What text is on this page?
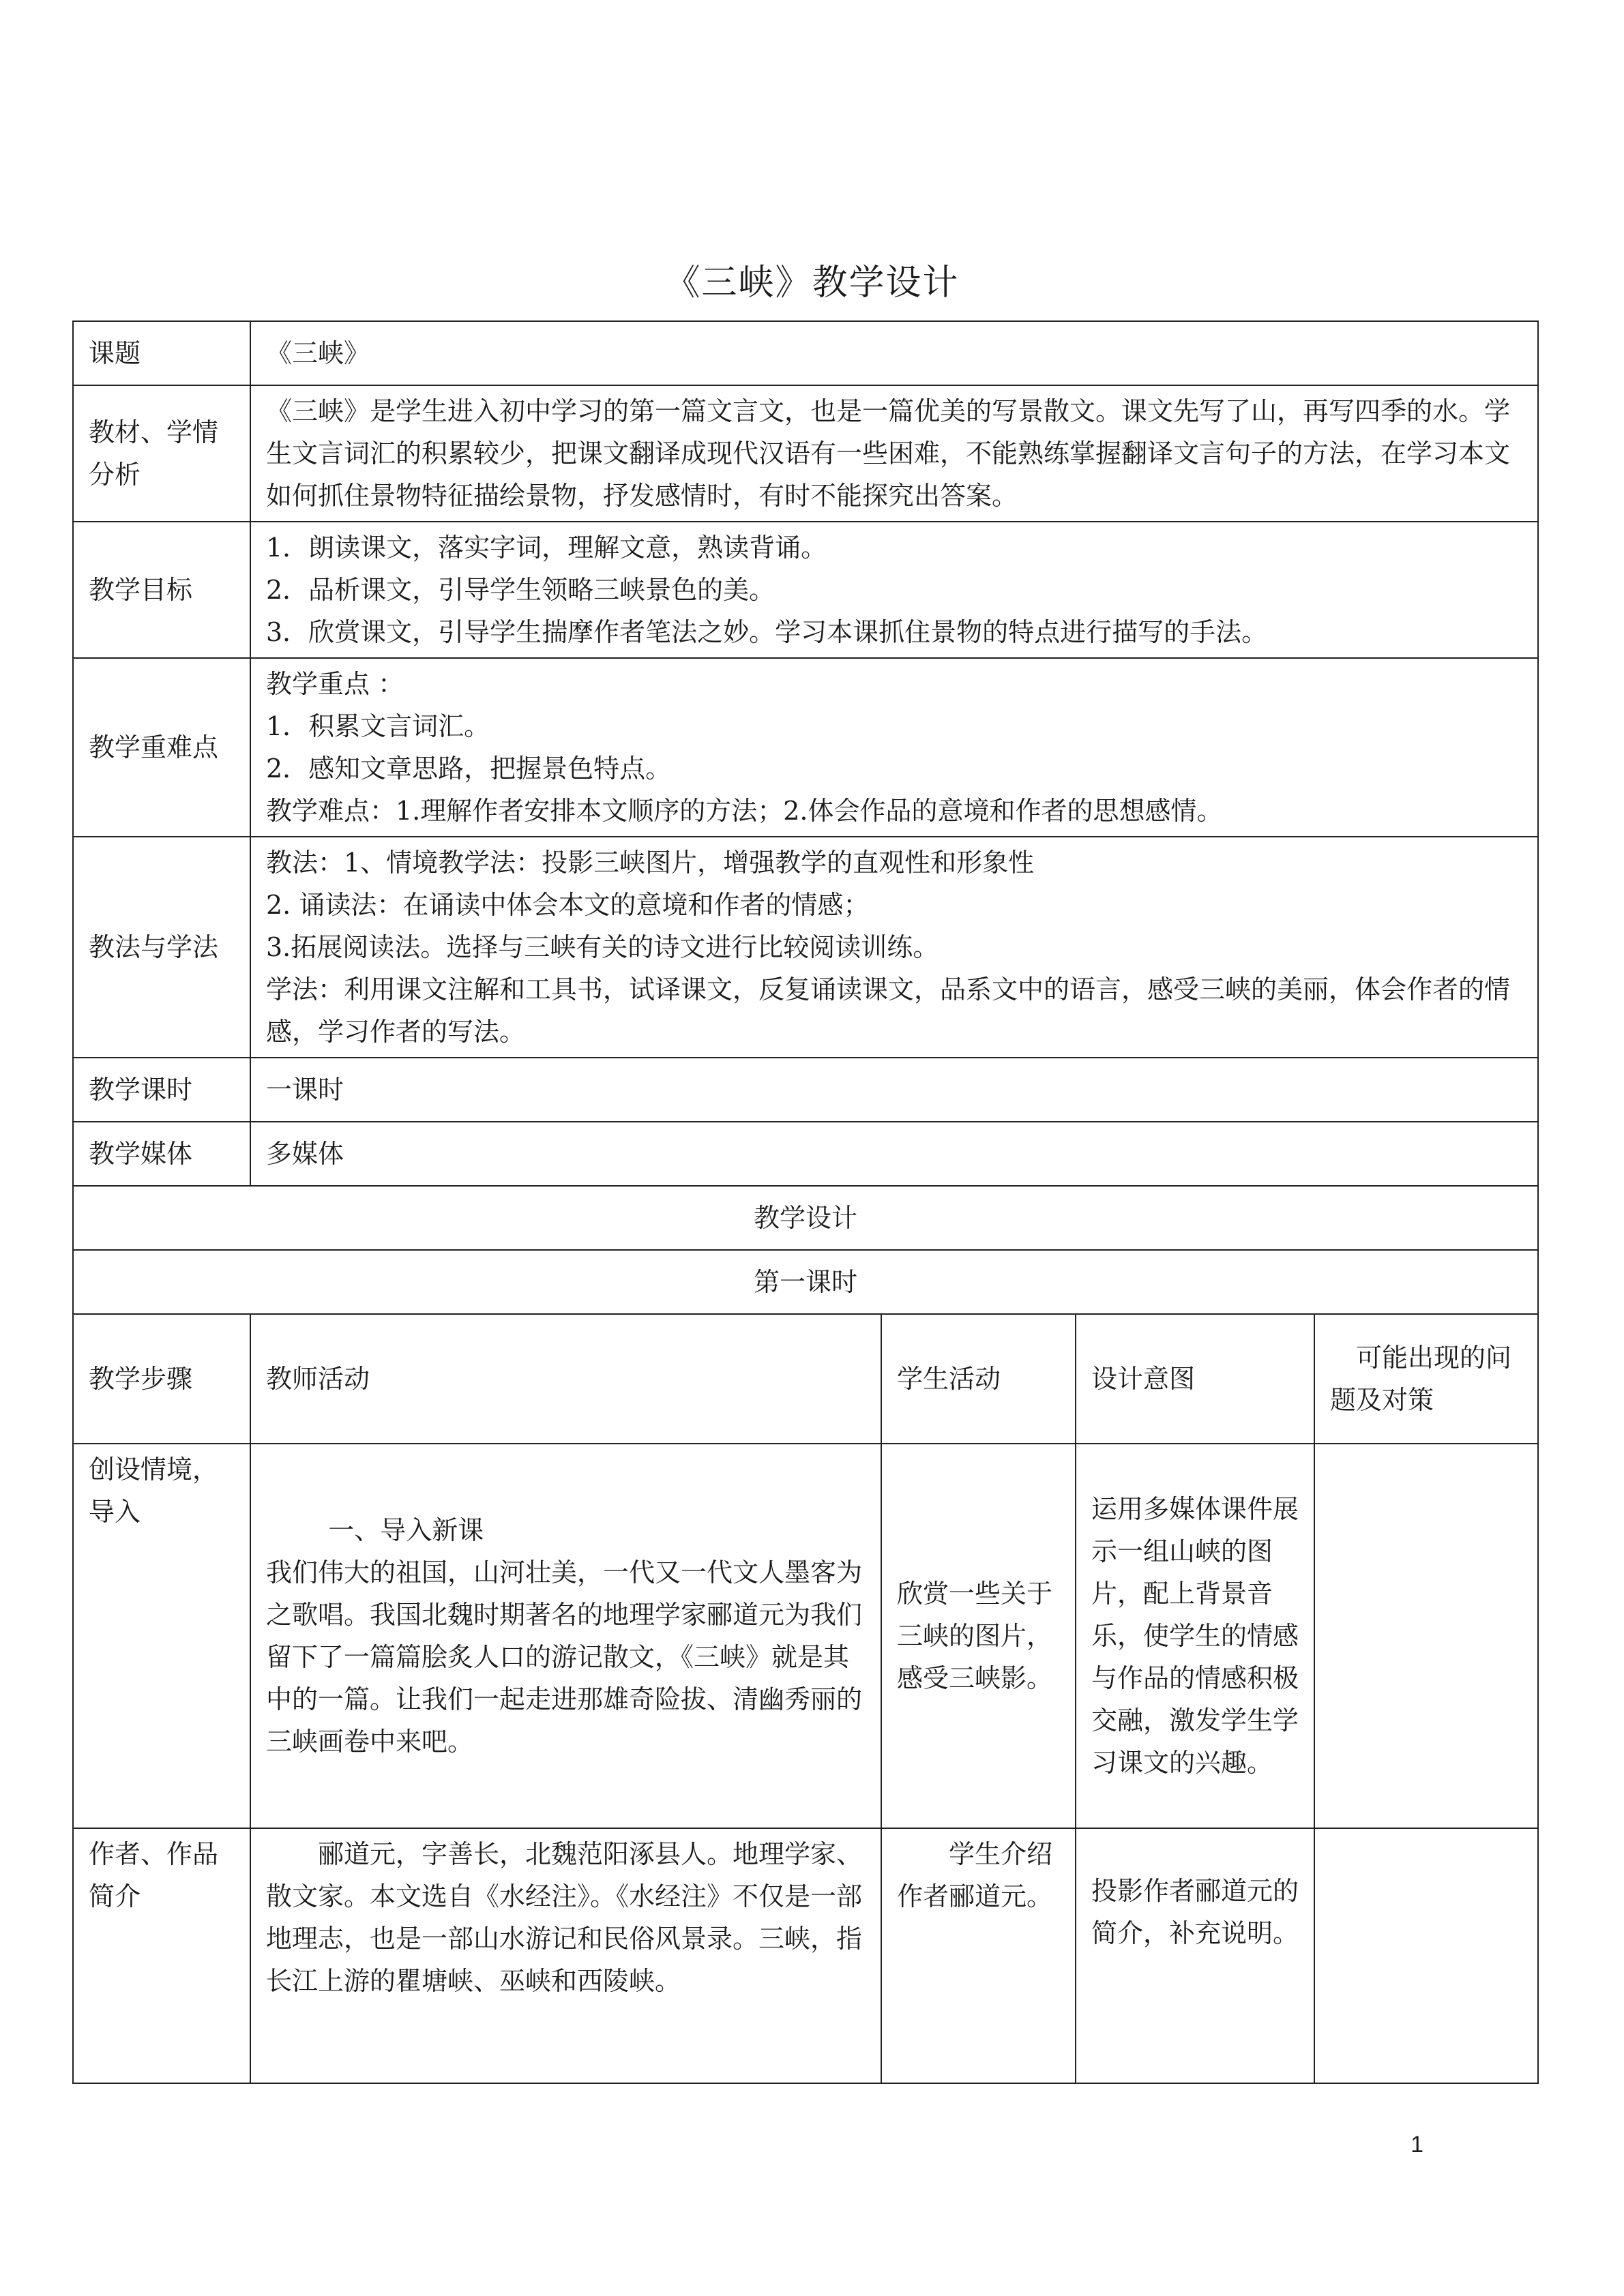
《三峡》教学设计
课题	《三峡》			
教材、学情分析	《三峡》是学生进入初中学习的第一篇文言文，也是一篇优美的写景散文。课文先写了山，再写四季的水。学生文言词汇的积累较少，把课文翻译成现代汉语有一些困难，不能熟练掌握翻译文言句子的方法，在学习本文如何抓住景物特征描绘景物，抒发感情时，有时不能探究出答案。			
教学目标	1．朗读课文，落实字词，理解文意，熟读背诵。
2．品析课文，引导学生领略三峡景色的美。
3．欣赏课文，引导学生揣摩作者笔法之妙。学习本课抓住景物的特点进行描写的手法。			

教学重难点	教学重点 ：
1．积累文言词汇。
2．感知文章思路，把握景色特点。
教学难点：1.理解作者安排本文顺序的方法；2.体会作品的意境和作者的思想感情。			

教法与学法	教法：1、情境教学法：投影三峡图片，增强教学的直观性和形象性
2. 诵读法：在诵读中体会本文的意境和作者的情感；
3.拓展阅读法。选择与三峡有关的诗文进行比较阅读训练。
学法：利用课文注解和工具书，试译课文，反复诵读课文，品系文中的语言，感受三峡的美丽，体会作者的情感，学习作者的写法。			

教学课时	一课时			
教学媒体	多媒体			
教学设计				
第一课时				
教学步骤	教师活动	学生活动	设计意图	可能出现的问题及对策
创设情境，导入	一、导入新课
我们伟大的祖国，山河壮美，一代又一代文人墨客为之歌唱。我国北魏时期著名的地理学家郦道元为我们留下了一篇篇脍炙人口的游记散文，《三峡》就是其中的一篇。让我们一起走进那雄奇险拔、清幽秀丽的三峡画卷中来吧。	欣赏一些关于三峡的图片，感受三峡影。	运用多媒体课件展示一组山峡的图片，配上背景音乐，使学生的情感与作品的情感积极交融，激发学生学习课文的兴趣。	
作者、作品简介	郦道元，字善长，北魏范阳涿县人。地理学家、散文家。本文选自《水经注》。《水经注》不仅是一部地理志，也是一部山水游记和民俗风景录。三峡，指长江上游的瞿塘峡、巫峡和西陵峡。	学生介绍作者郦道元。	投影作者郦道元的简介，补充说明。	
1
